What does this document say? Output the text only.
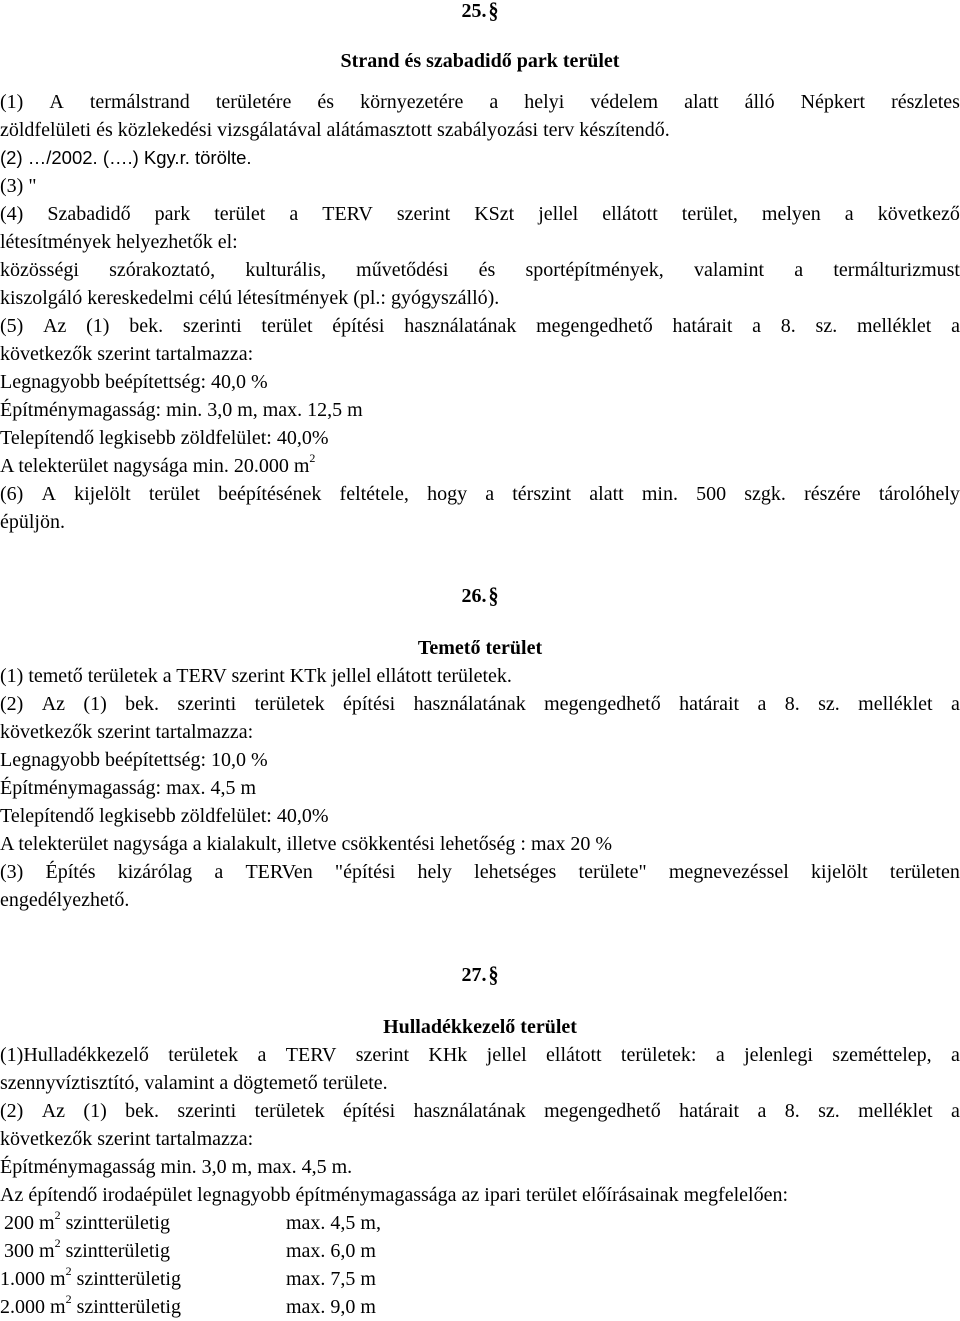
25. §
Strand és szabadidő park terület
(1) A termálstrand területére és környezetére a helyi védelem alatt álló Népkert részletes
zöldfelületi és közlekedési vizsgálatával alátámasztott szabályozási terv készítendő.
(2) …/2002. (….) Kgy.r. törölte.
(3) "
(4) Szabadidő park terület a TERV szerint KSzt jellel ellátott terület, melyen a következő
létesítmények helyezhetők el:
közösségi szórakoztató, kulturális, művetődési és sportépítmények, valamint a termálturizmust
kiszolgáló kereskedelmi célú létesítmények (pl.: gyógyszálló).
(5) Az (1) bek. szerinti terület építési használatának megengedhető határait a 8. sz. melléklet a
következők szerint tartalmazza:
Legnagyobb beépítettség: 40,0 %
Építménymagasság: min. 3,0 m, max. 12,5 m
Telepítendő legkisebb zöldfelület: 40,0%
A telekterület nagysága min. 20.000 $m^2$
(6) A kijelölt terület beépítésének feltétele, hogy a térszint alatt min. 500 szgk. részére tárolóhely
épüljön.
26. §
Temető terület
(1) temető területek a TERV szerint KTk jellel ellátott területek.
(2) Az (1) bek. szerinti területek építési használatának megengedhető határait a 8. sz. melléklet a
következők szerint tartalmazza:
Legnagyobb beépítettség: 10,0 %
Építménymagasság: max. 4,5 m
Telepítendő legkisebb zöldfelület: 40,0%
A telekterület nagysága a kialakult, illetve csökkentési lehetőség : max 20 %
(3) Építés kizárólag a TERVen "építési hely lehetséges területe" megnevezéssel kijelölt területen
engedélyezhető.
27. §
Hulladékkezelő terület
(1)Hulladékkezelő területek a TERV szerint KHk jellel ellátott területek: a jelenlegi szeméttelep, a
szennyvíztisztító, valamint a dögtemető területe.
(2) Az (1) bek. szerinti területek építési használatának megengedhető határait a 8. sz. melléklet a
következők szerint tartalmazza:
Építménymagasság min. 3,0 m, max. 4,5 m.
Az építendő irodaépület legnagyobb építménymagassága az ipari terület előírásainak megfelelően:
200 $m^2$ szintterületig	max. 4,5 m,
300 $m^2$ szintterületig	max. 6,0 m
1.000 $m^2$ szintterületig	max. 7,5 m
2.000 $m^2$ szintterületig	max. 9,0 m
